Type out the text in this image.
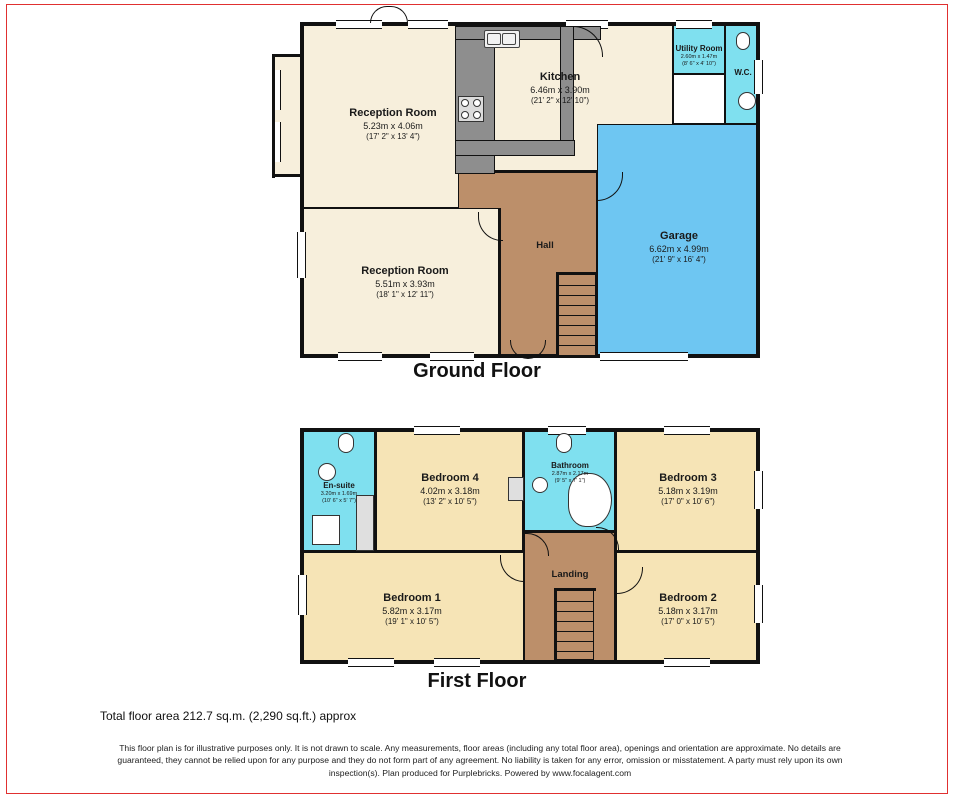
Reception Room
5.23m x 4.06m
(17' 2" x 13' 4")
Kitchen
6.46m x 3.90m
(21' 2" x 12' 10")
Utility Room
2.60m x 1.47m
(8' 6" x 4' 10")
W.C.
Reception Room
5.51m x 3.93m
(18' 1" x 12' 11")
Hall
Garage
6.62m x 4.99m
(21' 9" x 16' 4")
Ground Floor
En-suite
3.20m x 1.69m
(10' 6" x 5' 7")
Bedroom 4
4.02m x 3.18m
(13' 2" x 10' 5")
Bathroom
2.87m x 2.17m
(9' 5" x 7' 1")	Bedroom 3
5.18m x 3.19m
(17' 0" x 10' 6")
Bedroom 1
5.82m x 3.17m
(19' 1" x 10' 5")
Landing
Bedroom 2
5.18m x 3.17m
(17' 0" x 10' 5")
First Floor
Total floor area 212.7 sq.m. (2,290 sq.ft.) approx
This floor plan is for illustrative purposes only. It is not drawn to scale. Any measurements, floor areas (including any total floor area), openings and orientation are approximate. No details are guaranteed, they cannot be relied upon for any purpose and they do not form part of any agreement. No liability is taken for any error, omission or misstatement. A party must rely upon its own inspection(s). Plan produced for Purplebricks. Powered by www.focalagent.com
